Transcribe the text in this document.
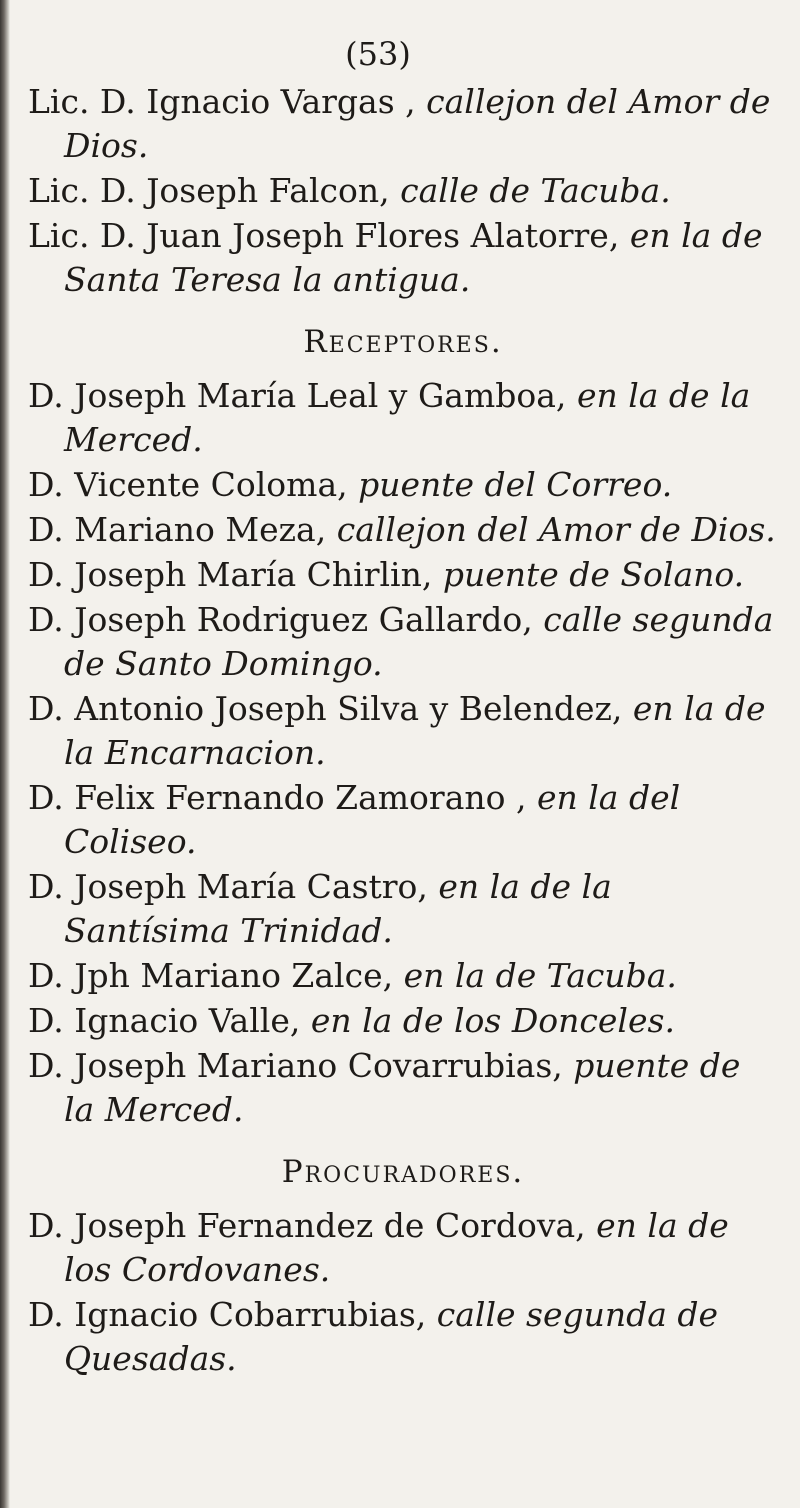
(53)
Lic. D. Ignacio Vargas , callejon del Amor de Dios.
Lic. D. Joseph Falcon, calle de Tacuba.
Lic. D. Juan Joseph Flores Alatorre, en la de Santa Teresa la antigua.
Receptores.
D. Joseph María Leal y Gamboa, en la de la Merced.
D. Vicente Coloma, puente del Correo.
D. Mariano Meza, callejon del Amor de Dios.
D. Joseph María Chirlin, puente de Solano.
D. Joseph Rodriguez Gallardo, calle segunda de Santo Domingo.
D. Antonio Joseph Silva y Belendez, en la de la Encarnacion.
D. Felix Fernando Zamorano , en la del Coliseo.
D. Joseph María Castro, en la de la Santísima Trinidad.
D. Jph Mariano Zalce, en la de Tacuba.
D. Ignacio Valle, en la de los Donceles.
D. Joseph Mariano Covarrubias, puente de la Merced.
Procuradores.
D. Joseph Fernandez de Cordova, en la de los Cordovanes.
D. Ignacio Cobarrubias, calle segunda de Quesadas.
